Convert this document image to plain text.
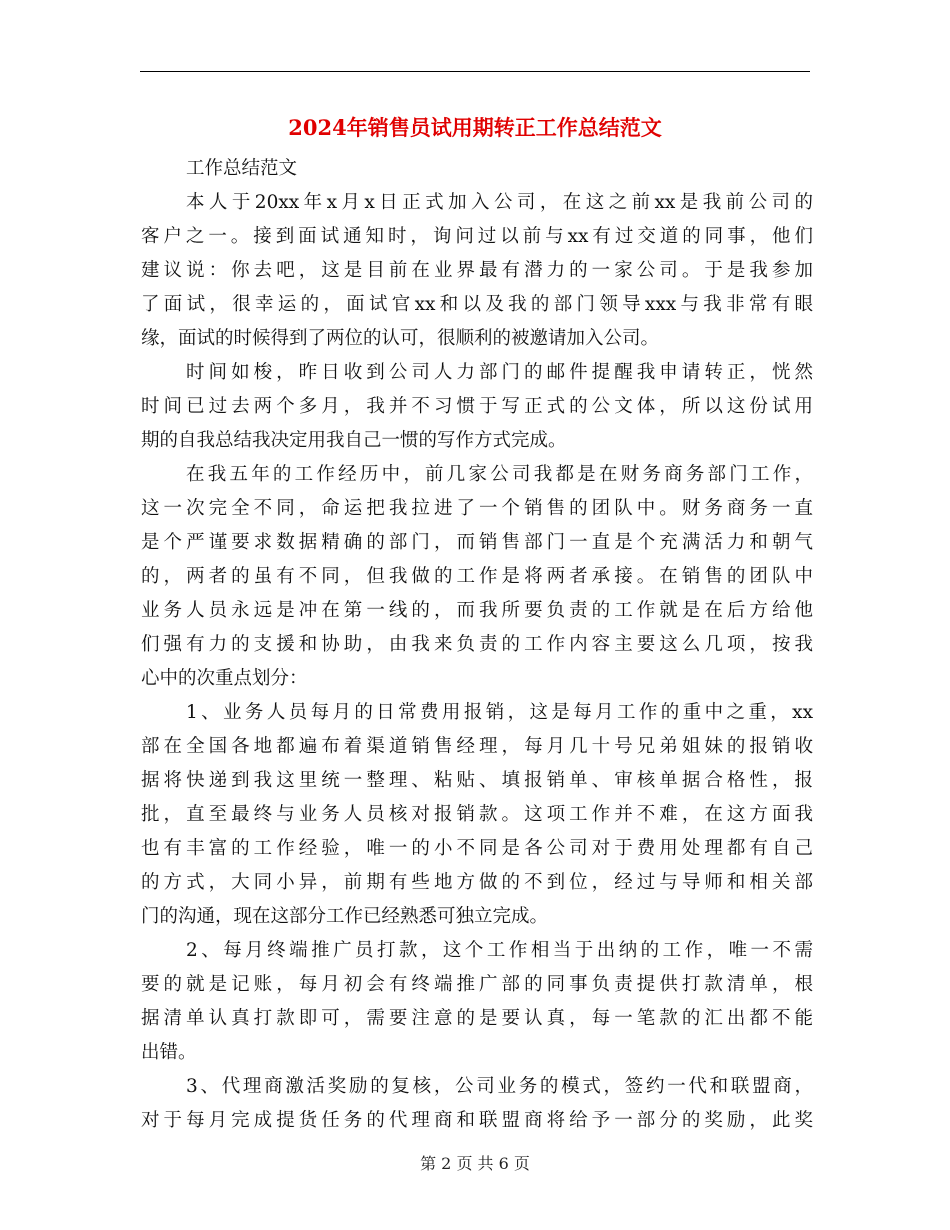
2024年销售员试用期转正工作总结范文
工作总结范文
本人于20xx年x月x日正式加入公司，在这之前xx是我前公司的
客户之一。接到面试通知时，询问过以前与xx有过交道的同事，他们
建议说：你去吧，这是目前在业界最有潜力的一家公司。于是我参加
了面试，很幸运的，面试官xx和以及我的部门领导xxx与我非常有眼
缘，面试的时候得到了两位的认可，很顺利的被邀请加入公司。
时间如梭，昨日收到公司人力部门的邮件提醒我申请转正，恍然
时间已过去两个多月，我并不习惯于写正式的公文体，所以这份试用
期的自我总结我决定用我自己一惯的写作方式完成。
在我五年的工作经历中，前几家公司我都是在财务商务部门工作，
这一次完全不同，命运把我拉进了一个销售的团队中。财务商务一直
是个严谨要求数据精确的部门，而销售部门一直是个充满活力和朝气
的，两者的虽有不同，但我做的工作是将两者承接。在销售的团队中
业务人员永远是冲在第一线的，而我所要负责的工作就是在后方给他
们强有力的支援和协助，由我来负责的工作内容主要这么几项，按我
心中的次重点划分：
1、业务人员每月的日常费用报销，这是每月工作的重中之重，xx
部在全国各地都遍布着渠道销售经理，每月几十号兄弟姐妹的报销收
据将快递到我这里统一整理、粘贴、填报销单、审核单据合格性，报
批，直至最终与业务人员核对报销款。这项工作并不难，在这方面我
也有丰富的工作经验，唯一的小不同是各公司对于费用处理都有自己
的方式，大同小异，前期有些地方做的不到位，经过与导师和相关部
门的沟通，现在这部分工作已经熟悉可独立完成。
2、每月终端推广员打款，这个工作相当于出纳的工作，唯一不需
要的就是记账，每月初会有终端推广部的同事负责提供打款清单，根
据清单认真打款即可，需要注意的是要认真，每一笔款的汇出都不能
出错。
3、代理商激活奖励的复核，公司业务的模式，签约一代和联盟商，
对于每月完成提货任务的代理商和联盟商将给予一部分的奖励，此奖
第 2 页 共 6 页
